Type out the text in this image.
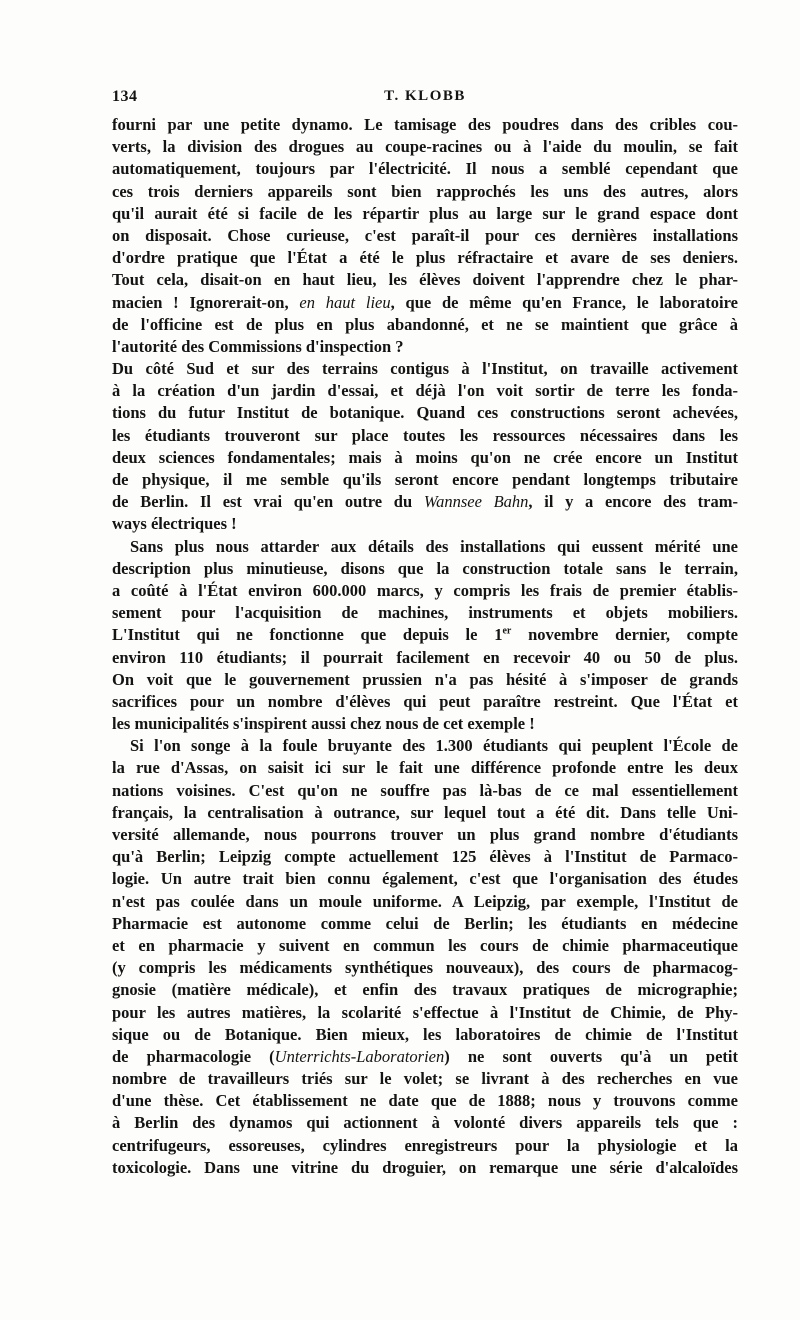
134	T. KLOBB
fourni par une petite dynamo. Le tamisage des poudres dans des cribles cou-
verts, la division des drogues au coupe-racines ou à l'aide du moulin, se fait
automatiquement, toujours par l'électricité. Il nous a semblé cependant que
ces trois derniers appareils sont bien rapprochés les uns des autres, alors
qu'il aurait été si facile de les répartir plus au large sur le grand espace dont
on disposait. Chose curieuse, c'est paraît-il pour ces dernières installations
d'ordre pratique que l'État a été le plus réfractaire et avare de ses deniers.
Tout cela, disait-on en haut lieu, les élèves doivent l'apprendre chez le phar-
macien ! Ignorerait-on, en haut lieu, que de même qu'en France, le laboratoire
de l'officine est de plus en plus abandonné, et ne se maintient que grâce à
l'autorité des Commissions d'inspection ?
Du côté Sud et sur des terrains contigus à l'Institut, on travaille activement
à la création d'un jardin d'essai, et déjà l'on voit sortir de terre les fonda-
tions du futur Institut de botanique. Quand ces constructions seront achevées,
les étudiants trouveront sur place toutes les ressources nécessaires dans les
deux sciences fondamentales; mais à moins qu'on ne crée encore un Institut
de physique, il me semble qu'ils seront encore pendant longtemps tributaire
de Berlin. Il est vrai qu'en outre du Wannsee Bahn, il y a encore des tram-
ways électriques !
Sans plus nous attarder aux détails des installations qui eussent mérité une
description plus minutieuse, disons que la construction totale sans le terrain,
a coûté à l'État environ 600.000 marcs, y compris les frais de premier établis-
sement pour l'acquisition de machines, instruments et objets mobiliers.
L'Institut qui ne fonctionne que depuis le 1er novembre dernier, compte
environ 110 étudiants; il pourrait facilement en recevoir 40 ou 50 de plus.
On voit que le gouvernement prussien n'a pas hésité à s'imposer de grands
sacrifices pour un nombre d'élèves qui peut paraître restreint. Que l'État et
les municipalités s'inspirent aussi chez nous de cet exemple !
Si l'on songe à la foule bruyante des 1.300 étudiants qui peuplent l'École de
la rue d'Assas, on saisit ici sur le fait une différence profonde entre les deux
nations voisines. C'est qu'on ne souffre pas là-bas de ce mal essentiellement
français, la centralisation à outrance, sur lequel tout a été dit. Dans telle Uni-
versité allemande, nous pourrons trouver un plus grand nombre d'étudiants
qu'à Berlin; Leipzig compte actuellement 125 élèves à l'Institut de Parmaco-
logie. Un autre trait bien connu également, c'est que l'organisation des études
n'est pas coulée dans un moule uniforme. A Leipzig, par exemple, l'Institut de
Pharmacie est autonome comme celui de Berlin; les étudiants en médecine
et en pharmacie y suivent en commun les cours de chimie pharmaceutique
(y compris les médicaments synthétiques nouveaux), des cours de pharmacog-
gnosie (matière médicale), et enfin des travaux pratiques de micrographie;
pour les autres matières, la scolarité s'effectue à l'Institut de Chimie, de Phy-
sique ou de Botanique. Bien mieux, les laboratoires de chimie de l'Institut
de pharmacologie (Unterrichts-Laboratorien) ne sont ouverts qu'à un petit
nombre de travailleurs triés sur le volet; se livrant à des recherches en vue
d'une thèse. Cet établissement ne date que de 1888; nous y trouvons comme
à Berlin des dynamos qui actionnent à volonté divers appareils tels que :
centrifugeurs, essoreuses, cylindres enregistreurs pour la physiologie et la
toxicologie. Dans une vitrine du droguier, on remarque une série d'alcaloïdes
